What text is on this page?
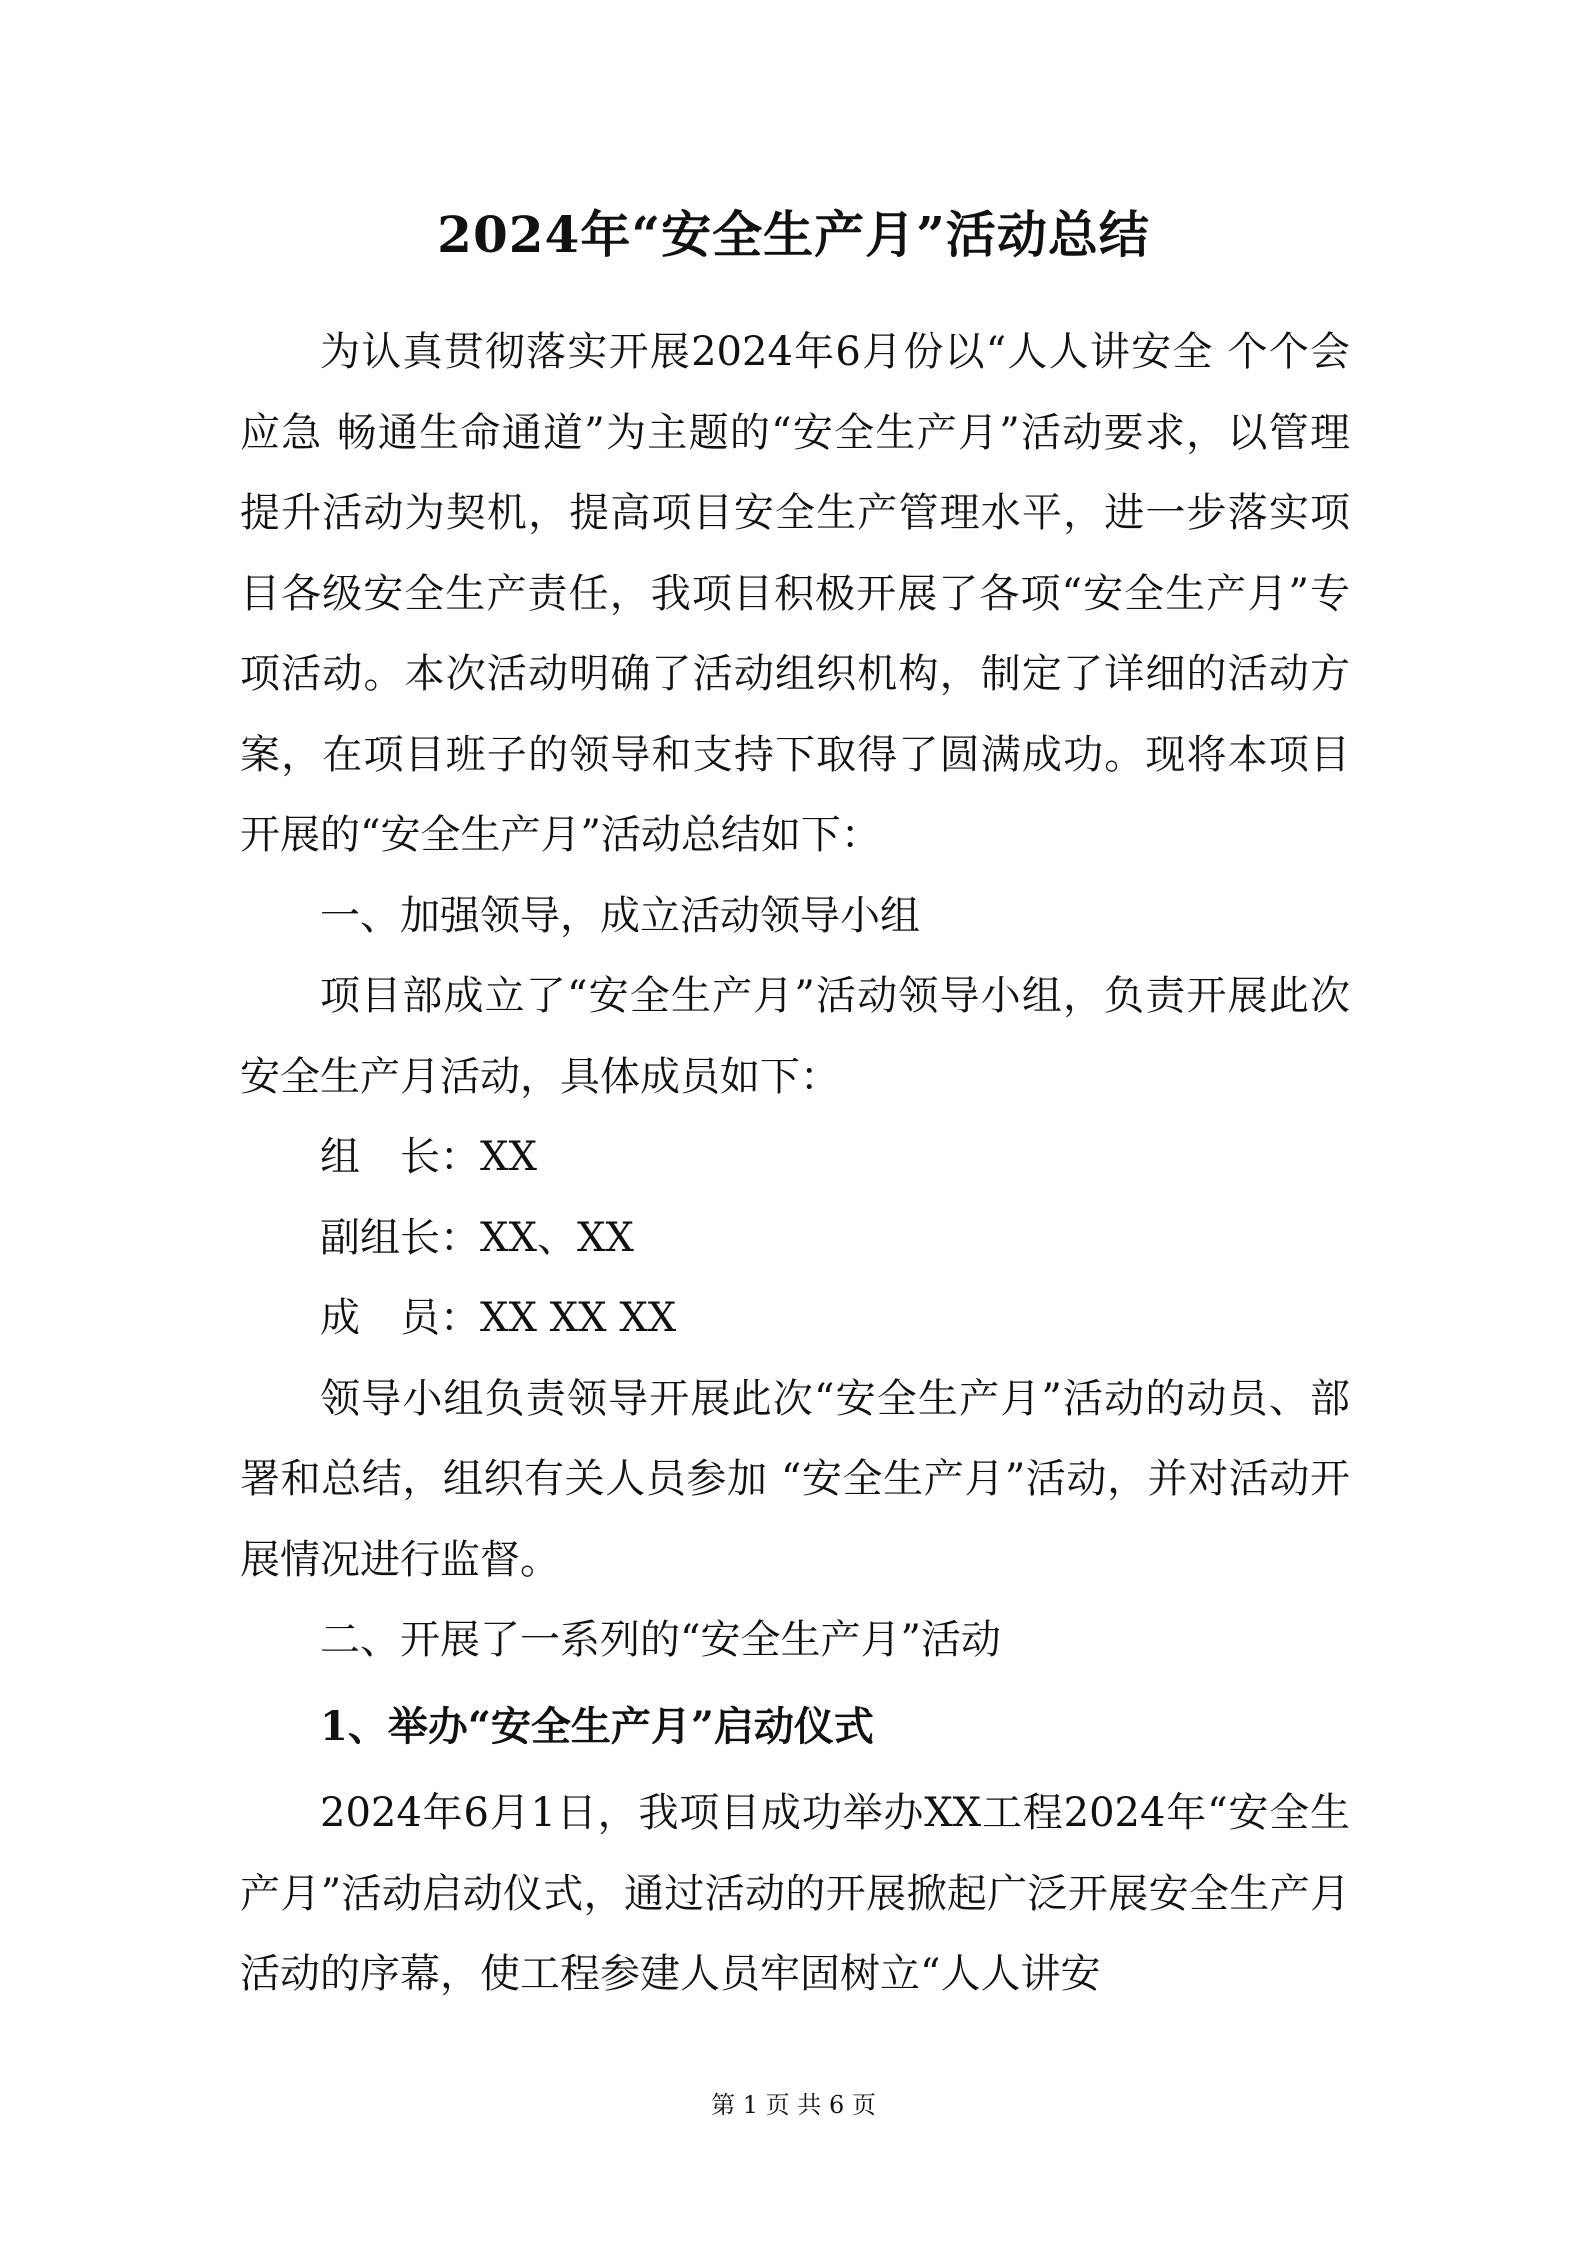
2024年“安全生产月”活动总结

为认真贯彻落实开展2024年6月份以“人人讲安全 个个会应急 畅通生命通道”为主题的“安全生产月”活动要求，以管理提升活动为契机，提高项目安全生产管理水平，进一步落实项目各级安全生产责任，我项目积极开展了各项“安全生产月”专项活动。本次活动明确了活动组织机构，制定了详细的活动方案，在项目班子的领导和支持下取得了圆满成功。现将本项目开展的“安全生产月”活动总结如下：

一、加强领导，成立活动领导小组

项目部成立了“安全生产月”活动领导小组，负责开展此次安全生产月活动，具体成员如下：

组　长：XX

副组长：XX、XX

成　员：XX XX XX

领导小组负责领导开展此次“安全生产月”活动的动员、部署和总结，组织有关人员参加 “安全生产月”活动，并对活动开展情况进行监督。

二、开展了一系列的“安全生产月”活动

1、举办“安全生产月”启动仪式

2024年6月1日，我项目成功举办XX工程2024年“安全生产月”活动启动仪式，通过活动的开展掀起广泛开展安全生产月活动的序幕，使工程参建人员牢固树立“人人讲安

第 1 页 共 6 页
